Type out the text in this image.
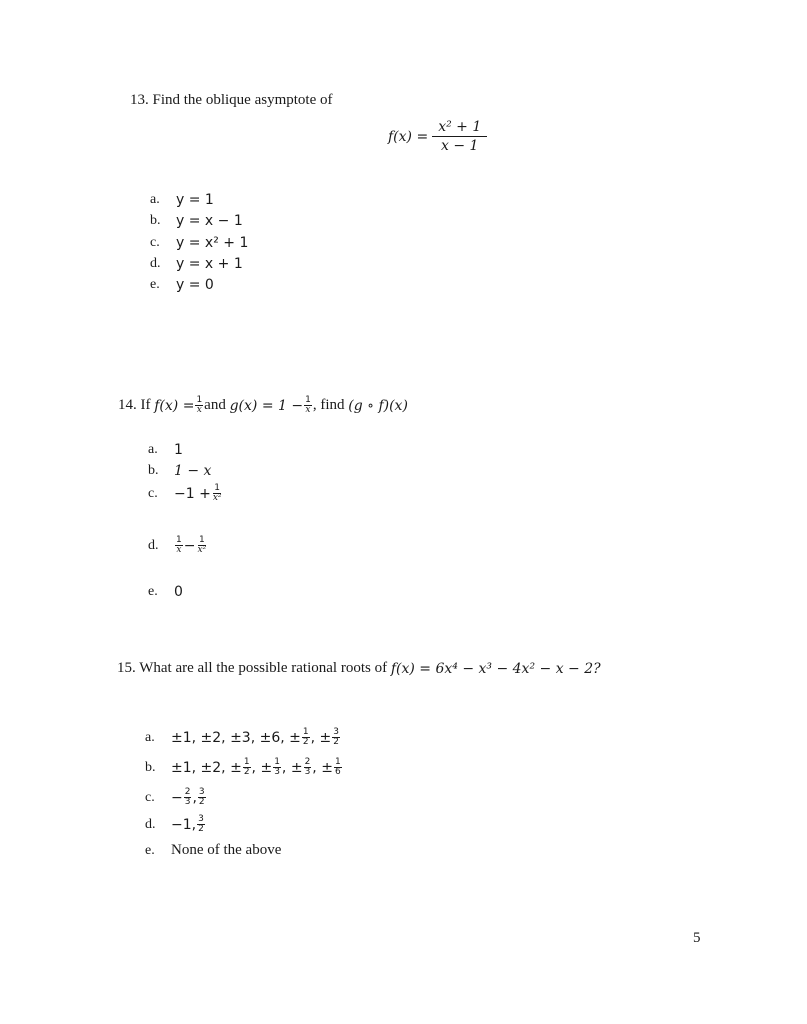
13. Find the oblique asymptote of
$f(x) = \frac{\text{x² + 1}}{x - 1}$
a.	y = 1
b.	y = x − 1
c.	y = x² + 1
d.	y = x + 1
e.	y = 0
14. If
$f(x) = \frac{1}{x}$ and
$g(x) = 1 - \frac{1}{x}$ , find
(g ∘ f)(x)
a.	1
b.	1 − x
c.	$-1 + \frac{1}{\text{x²}}$
d.	$\frac{1}{x} - \frac{1}{\text{x²}}$
e.	0
15. What are all the possible rational roots of
f(x) = 6x⁴ − x³ − 4x² − x − 2?
a.	±1, ±2, ±3, ±6, ± $\frac{1}{2}$ , ± $\frac{3}{2}$
b.	±1, ±2, ± $\frac{1}{2}$ , ± $\frac{1}{3}$ , ± $\frac{2}{3}$ , ± $\frac{1}{6}$
c.	− $\frac{2}{3}$ , $\frac{3}{2}$
d.	−1, $\frac{3}{2}$
e.	None of the above
5
